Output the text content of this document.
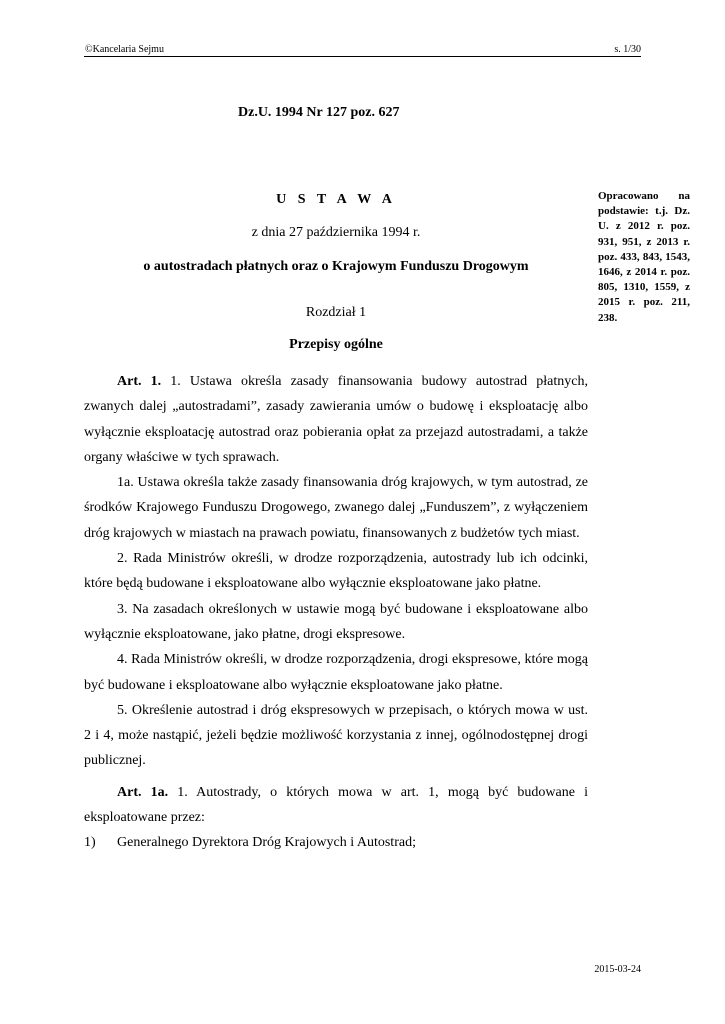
©Kancelaria Sejmu	s. 1/30
Dz.U. 1994 Nr 127 poz. 627
U S T A W A
z dnia 27 października 1994 r.
o autostradach płatnych oraz o Krajowym Funduszu Drogowym
Rozdział 1
Przepisy ogólne
Opracowano na podstawie: t.j. Dz. U. z 2012 r. poz. 931, 951, z 2013 r. poz. 433, 843, 1543, 1646, z 2014 r. poz. 805, 1310, 1559, z 2015 r. poz. 211, 238.

Art. 1. 1. Ustawa określa zasady finansowania budowy autostrad płatnych, zwanych dalej „autostradami”, zasady zawierania umów o budowę i eksploatację albo wyłącznie eksploatację autostrad oraz pobierania opłat za przejazd autostradami, a także organy właściwe w tych sprawach.

1a. Ustawa określa także zasady finansowania dróg krajowych, w tym autostrad, ze środków Krajowego Funduszu Drogowego, zwanego dalej „Funduszem”, z wyłączeniem dróg krajowych w miastach na prawach powiatu, finansowanych z budżetów tych miast.

2. Rada Ministrów określi, w drodze rozporządzenia, autostrady lub ich odcinki, które będą budowane i eksploatowane albo wyłącznie eksploatowane jako płatne.

3. Na zasadach określonych w ustawie mogą być budowane i eksploatowane albo wyłącznie eksploatowane, jako płatne, drogi ekspresowe.

4. Rada Ministrów określi, w drodze rozporządzenia, drogi ekspresowe, które mogą być budowane i eksploatowane albo wyłącznie eksploatowane jako płatne.

5. Określenie autostrad i dróg ekspresowych w przepisach, o których mowa w ust. 2 i 4, może nastąpić, jeżeli będzie możliwość korzystania z innej, ogólnodostępnej drogi publicznej.

Art. 1a. 1. Autostrady, o których mowa w art. 1, mogą być budowane i eksploatowane przez:

1)	Generalnego Dyrektora Dróg Krajowych i Autostrad;
2015-03-24
